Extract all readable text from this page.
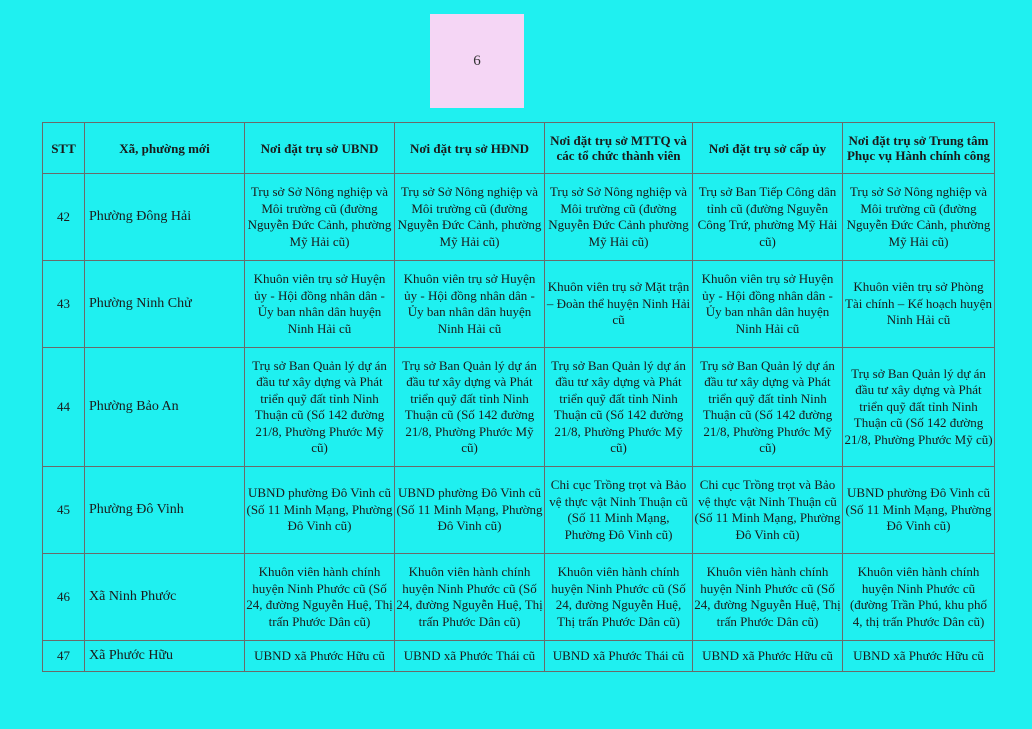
6
STT	Xã, phường mới	Nơi đặt trụ sở UBND	Nơi đặt trụ sở HĐND	Nơi đặt trụ sở MTTQ và các tổ chức thành viên	Nơi đặt trụ sở cấp ủy	Nơi đặt trụ sở Trung tâm Phục vụ Hành chính công
42	Phường Đông Hải	Trụ sở Sở Nông nghiệp và Môi trường cũ (đường Nguyễn Đức Cảnh, phường Mỹ Hải cũ)	Trụ sở Sở Nông nghiệp và Môi trường cũ (đường Nguyễn Đức Cảnh, phường Mỹ Hải cũ)	Trụ sở Sở Nông nghiệp và Môi trường cũ (đường Nguyễn Đức Cảnh phường Mỹ Hải cũ)	Trụ sở Ban Tiếp Công dân tỉnh cũ (đường Nguyễn Công Trứ, phường Mỹ Hải cũ)	Trụ sở Sở Nông nghiệp và Môi trường cũ (đường Nguyễn Đức Cảnh, phường Mỹ Hải cũ)
43	Phường Ninh Chử	Khuôn viên trụ sở Huyện ủy - Hội đồng nhân dân - Ủy ban nhân dân huyện Ninh Hải cũ	Khuôn viên trụ sở Huyện ủy - Hội đồng nhân dân - Ủy ban nhân dân huyện Ninh Hải cũ	Khuôn viên trụ sở Mặt trận – Đoàn thể huyện Ninh Hải cũ	Khuôn viên trụ sở Huyện ủy - Hội đồng nhân dân - Ủy ban nhân dân huyện Ninh Hải cũ	Khuôn viên trụ sở Phòng Tài chính – Kế hoạch huyện Ninh Hải cũ
44	Phường Bảo An	Trụ sở Ban Quản lý dự án đầu tư xây dựng và Phát triển quỹ đất tỉnh Ninh Thuận cũ (Số 142 đường 21/8, Phường Phước Mỹ cũ)	Trụ sở Ban Quản lý dự án đầu tư xây dựng và Phát triển quỹ đất tỉnh Ninh Thuận cũ (Số 142 đường 21/8, Phường Phước Mỹ cũ)	Trụ sở Ban Quản lý dự án đầu tư xây dựng và Phát triển quỹ đất tỉnh Ninh Thuận cũ (Số 142 đường 21/8, Phường Phước Mỹ cũ)	Trụ sở Ban Quản lý dự án đầu tư xây dựng và Phát triển quỹ đất tỉnh Ninh Thuận cũ (Số 142 đường 21/8, Phường Phước Mỹ cũ)	Trụ sở Ban Quản lý dự án đầu tư xây dựng và Phát triển quỹ đất tỉnh Ninh Thuận cũ (Số 142 đường 21/8, Phường Phước Mỹ cũ)
45	Phường Đô Vinh	UBND phường Đô Vinh cũ (Số 11 Minh Mạng, Phường Đô Vinh cũ)	UBND phường Đô Vinh cũ (Số 11 Minh Mạng, Phường Đô Vinh cũ)	Chi cục Trồng trọt và Bảo vệ thực vật Ninh Thuận cũ (Số 11 Minh Mạng, Phường Đô Vinh cũ)	Chi cục Trồng trọt và Bảo vệ thực vật Ninh Thuận cũ (Số 11 Minh Mạng, Phường Đô Vinh cũ)	UBND phường Đô Vinh cũ (Số 11 Minh Mạng, Phường Đô Vinh cũ)
46	Xã Ninh Phước	Khuôn viên hành chính huyện Ninh Phước cũ (Số 24, đường Nguyễn Huệ, Thị trấn Phước Dân cũ)	Khuôn viên hành chính huyện Ninh Phước cũ (Số 24, đường Nguyễn Huệ, Thị trấn Phước Dân cũ)	Khuôn viên hành chính huyện Ninh Phước cũ (Số 24, đường Nguyễn Huệ, Thị trấn Phước Dân cũ)	Khuôn viên hành chính huyện Ninh Phước cũ (Số 24, đường Nguyễn Huệ, Thị trấn Phước Dân cũ)	Khuôn viên hành chính huyện Ninh Phước cũ (đường Trần Phú, khu phố 4, thị trấn Phước Dân cũ)
47	Xã Phước Hữu	UBND xã Phước Hữu cũ	UBND xã Phước Thái cũ	UBND xã Phước Thái cũ	UBND xã Phước Hữu cũ	UBND xã Phước Hữu cũ
